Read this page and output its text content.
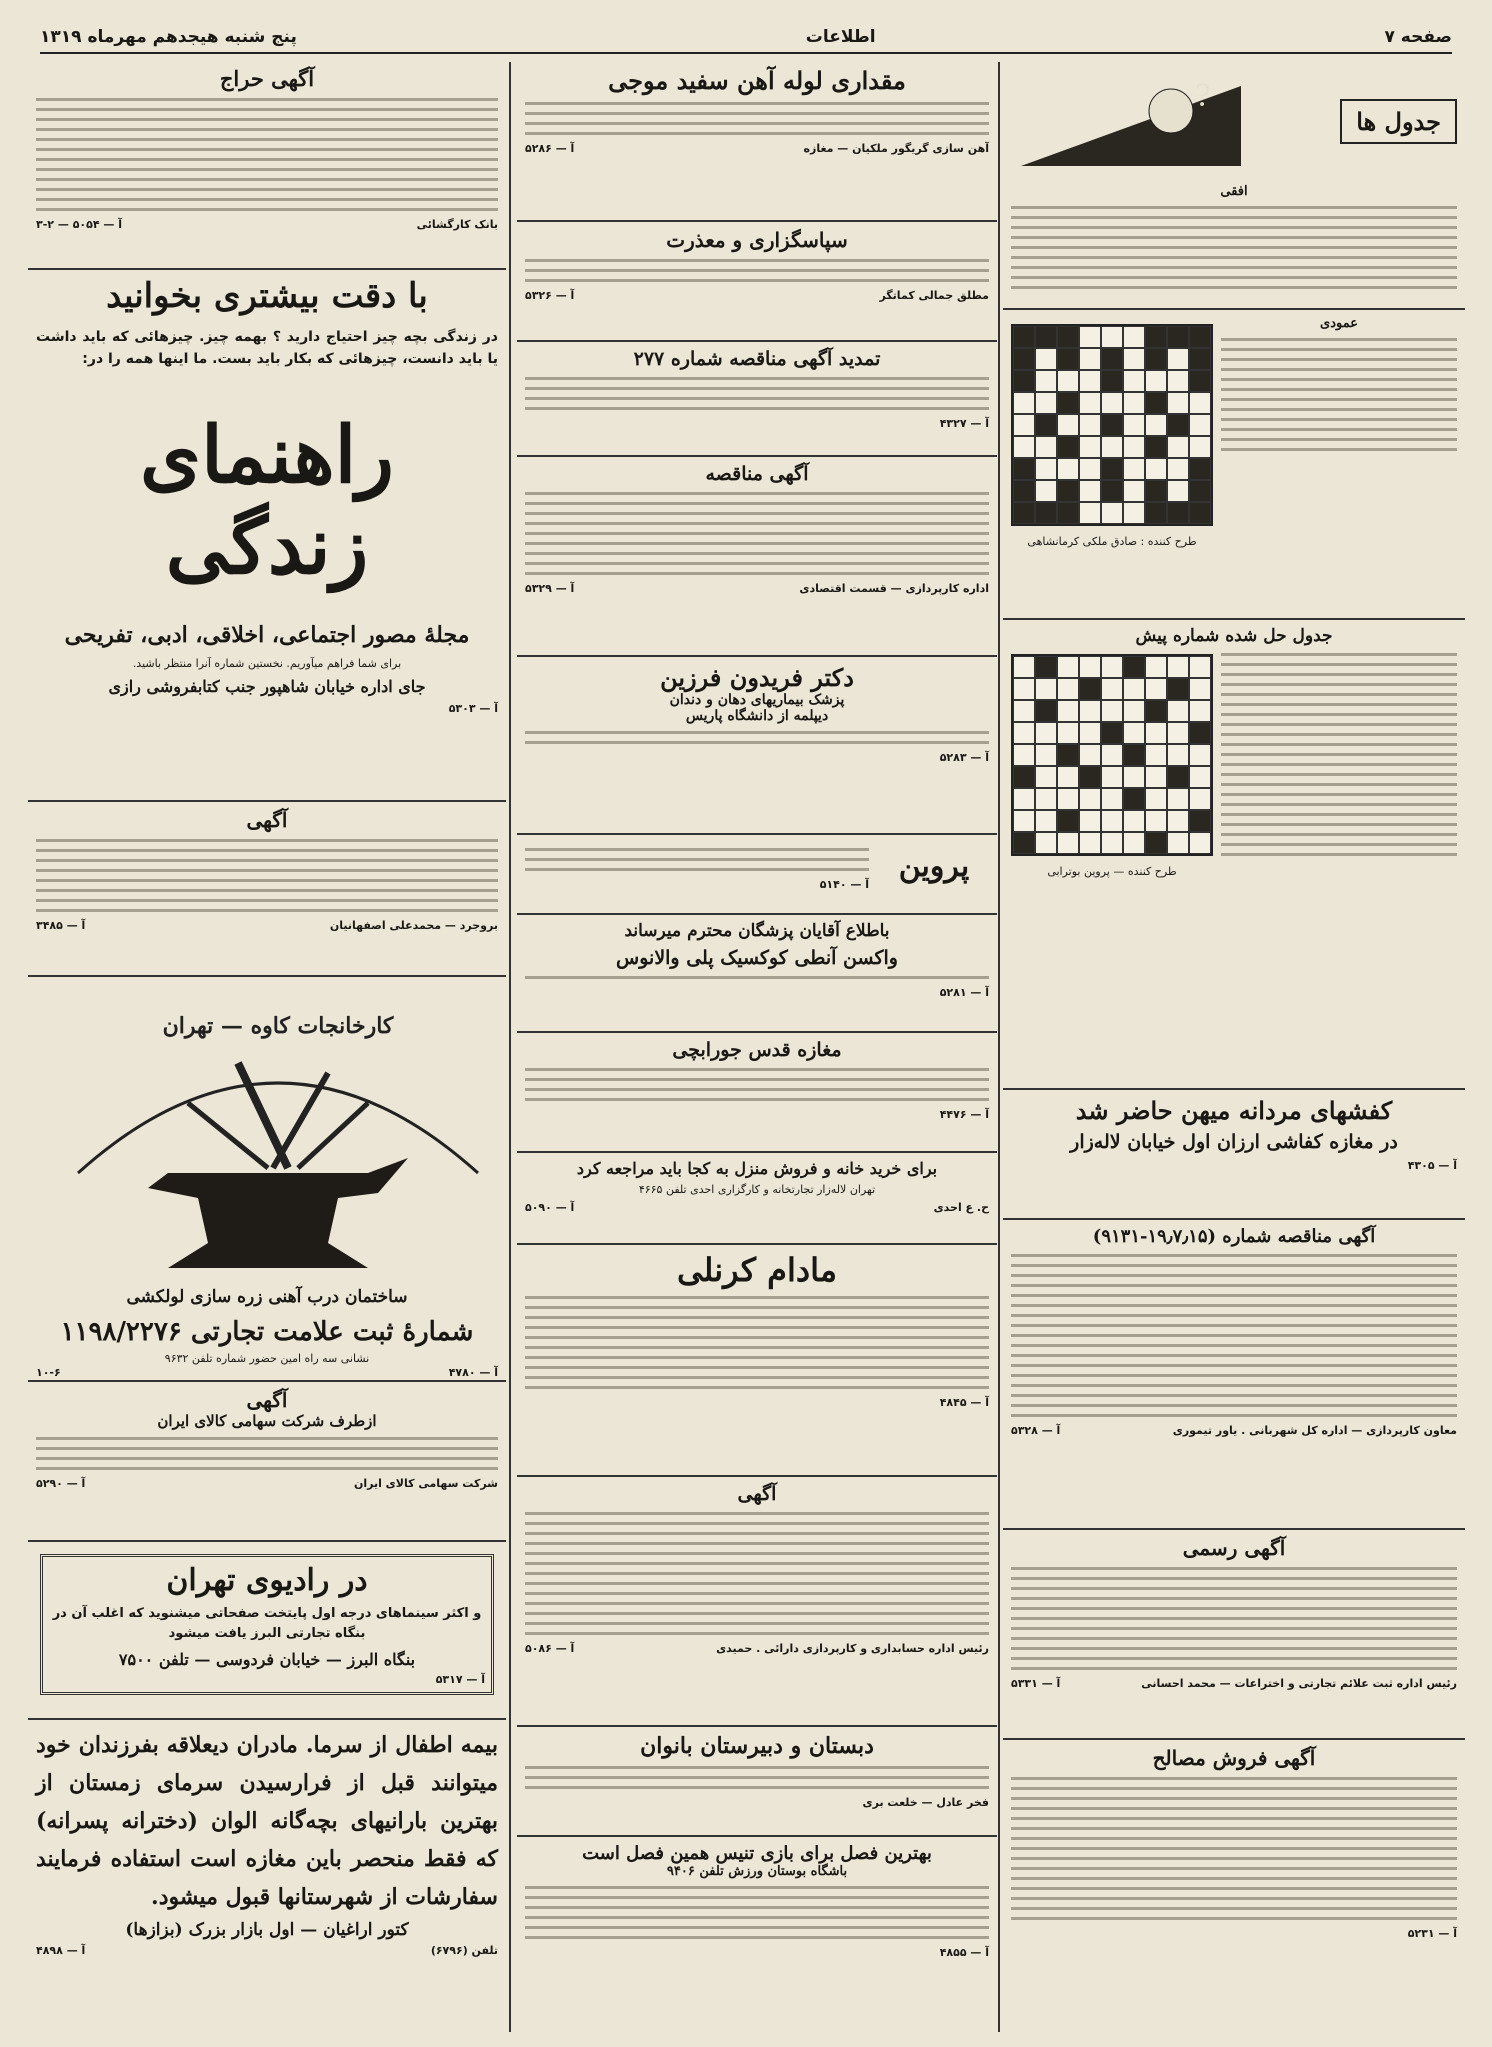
صفحه ۷
اطلاعات
پنج شنبه هیجدهم مهرماه ۱۳۱۹
جدول ها
?
افقی
عمودی
طرح کننده : صادق ملکی کرمانشاهی
جدول حل شده شماره پیش
طرح کننده — پروین بوترابی
کفشهای مردانه میهن حاضر شد
در مغازه کفاشی ارزان اول خیابان لاله‌زار
آ — ۴۳۰۵
آگهی مناقصه شماره (۱۹٫۷٫۱۵-۹۱۳۱)
معاون کارپردازی — اداره کل شهربانی . یاور تیموری
آ — ۵۳۲۸
آگهی رسمی
رئیس اداره ثبت علائم تجارتی و اختراعات — محمد احسانی
آ — ۵۳۳۱
آگهی فروش مصالح
آ — ۵۲۳۱
مقداری لوله آهن سفید موجی
آهن سازی گریگور ملکیان — مغازه
آ — ۵۲۸۶
سپاسگزاری و معذرت
مطلق جمالی کماتگر
آ — ۵۳۲۶
تمدید آگهی مناقصه شماره ۲۷۷
آ — ۴۳۲۷
آگهی مناقصه
اداره کارپردازی — قسمت اقتصادی
آ — ۵۳۲۹
دکتر فریدون فرزین
پزشک بیماریهای دهان و دندان
دیپلمه از دانشگاه پاریس
آ — ۵۲۸۳
پروین
آ — ۵۱۴۰
باطلاع آقایان پزشگان محترم میرساند
واکسن آنطی کوکسیک پلی والانوس
آ — ۵۲۸۱
مغازه قدس جورابچی
آ — ۴۴۷۶
برای خرید خانه و فروش منزل به کجا باید مراجعه کرد
تهران لاله‌زار تجارتخانه و کارگزاری احدی تلفن ۴۶۶۵
ح. ع احدی
آ — ۵۰۹۰
مادام کرنلی
آ — ۴۸۴۵
آگهی
رئیس اداره حسابداری و کارپردازی دارائی . حمیدی
آ — ۵۰۸۶
دبستان و دبیرستان بانوان
فخر عادل — خلعت بری
بهترین فصل برای بازی تنیس همین فصل است
باشگاه بوستان ورزش تلفن ۹۴۰۶
آ — ۴۸۵۵
آگهی حراج
بانک کارگشائی
آ — ۵۰۵۴ — ۲-۳
با دقت بیشتری بخوانید
در زندگی بچه چیز احتیاج دارید ؟ بهمه چیز. چیزهائی که باید داشت یا باید دانست، چیزهائی که بکار باید بست. ما اینها همه را در:
راهنمای زندگی
مجلهٔ مصور اجتماعی، اخلاقی، ادبی، تفریحی
برای شما فراهم میآوریم. نخستین شماره آنرا منتظر باشید.
جای اداره خیابان شاهپور جنب کتابفروشی رازی
آ — ۵۳۰۳
آگهی
بروجرد — محمدعلی اصفهانیان
آ — ۳۴۸۵
کارخانجات کاوه — تهران
ساختمان درب آهنی زره سازی لولکشی
شمارهٔ ثبت علامت تجارتی ۱۱۹۸/۲۲۷۶
نشانی سه راه امین حضور شماره تلفن ۹۶۳۲
آ — ۴۷۸۰
۱۰-۶
آگهی
ازطرف شرکت سهامی کالای ایران
شرکت سهامی کالای ایران
آ — ۵۲۹۰
در رادیوی تهران
و اکثر سینماهای درجه اول پایتخت صفحاتی میشنوید که اغلب آن در بنگاه تجارتی البرز یافت میشود
بنگاه البرز — خیابان فردوسی — تلفن ۷۵۰۰
آ — ۵۳۱۷
بیمه اطفال از سرما. مادران دیعلاقه بفرزندان خود میتوانند قبل از فرارسیدن سرمای زمستان از بهترین بارانیهای بچه‌گانه الوان (دخترانه پسرانه) که فقط منحصر باین مغازه است استفاده فرمایند سفارشات از شهرستانها قبول میشود.
کتور اراغیان — اول بازار بزرک (بزازها)
تلفن (۶۷۹۶)
آ — ۴۸۹۸
